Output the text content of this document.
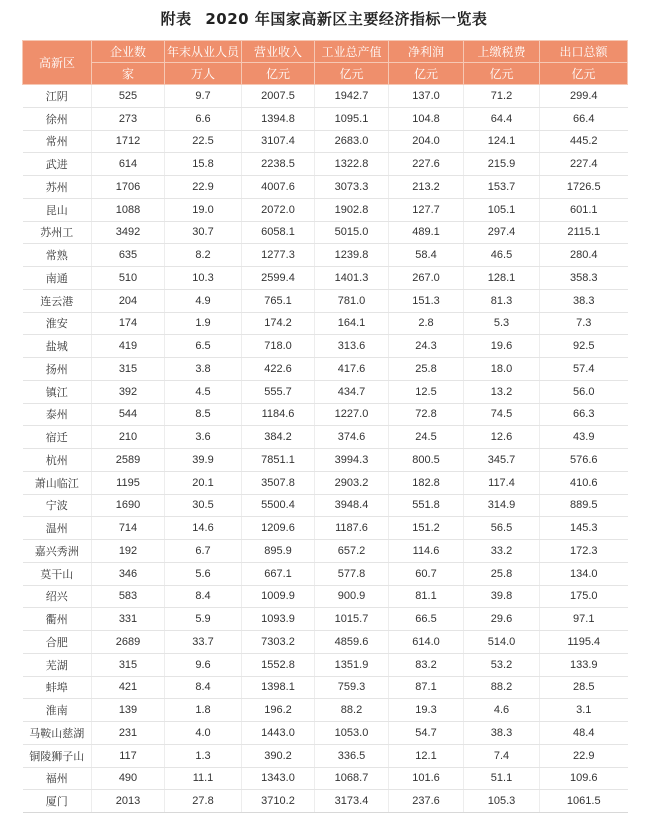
附表 2020 年国家高新区主要经济指标一览表
高新区	企业数	年末从业人员	营业收入	工业总产值	净利润	上缴税费	出口总额
	家	万人	亿元	亿元	亿元	亿元	亿元
江阴	525	9.7	2007.5	1942.7	137.0	71.2	299.4
徐州	273	6.6	1394.8	1095.1	104.8	64.4	66.4
常州	1712	22.5	3107.4	2683.0	204.0	124.1	445.2
武进	614	15.8	2238.5	1322.8	227.6	215.9	227.4
苏州	1706	22.9	4007.6	3073.3	213.2	153.7	1726.5
昆山	1088	19.0	2072.0	1902.8	127.7	105.1	601.1
苏州工	3492	30.7	6058.1	5015.0	489.1	297.4	2115.1
常熟	635	8.2	1277.3	1239.8	58.4	46.5	280.4
南通	510	10.3	2599.4	1401.3	267.0	128.1	358.3
连云港	204	4.9	765.1	781.0	151.3	81.3	38.3
淮安	174	1.9	174.2	164.1	2.8	5.3	7.3
盐城	419	6.5	718.0	313.6	24.3	19.6	92.5
扬州	315	3.8	422.6	417.6	25.8	18.0	57.4
镇江	392	4.5	555.7	434.7	12.5	13.2	56.0
泰州	544	8.5	1184.6	1227.0	72.8	74.5	66.3
宿迁	210	3.6	384.2	374.6	24.5	12.6	43.9
杭州	2589	39.9	7851.1	3994.3	800.5	345.7	576.6
萧山临江	1195	20.1	3507.8	2903.2	182.8	117.4	410.6
宁波	1690	30.5	5500.4	3948.4	551.8	314.9	889.5
温州	714	14.6	1209.6	1187.6	151.2	56.5	145.3
嘉兴秀洲	192	6.7	895.9	657.2	114.6	33.2	172.3
莫干山	346	5.6	667.1	577.8	60.7	25.8	134.0
绍兴	583	8.4	1009.9	900.9	81.1	39.8	175.0
衢州	331	5.9	1093.9	1015.7	66.5	29.6	97.1
合肥	2689	33.7	7303.2	4859.6	614.0	514.0	1195.4
芜湖	315	9.6	1552.8	1351.9	83.2	53.2	133.9
蚌埠	421	8.4	1398.1	759.3	87.1	88.2	28.5
淮南	139	1.8	196.2	88.2	19.3	4.6	3.1
马鞍山慈湖	231	4.0	1443.0	1053.0	54.7	38.3	48.4
铜陵狮子山	117	1.3	390.2	336.5	12.1	7.4	22.9
福州	490	11.1	1343.0	1068.7	101.6	51.1	109.6
厦门	2013	27.8	3710.2	3173.4	237.6	105.3	1061.5
